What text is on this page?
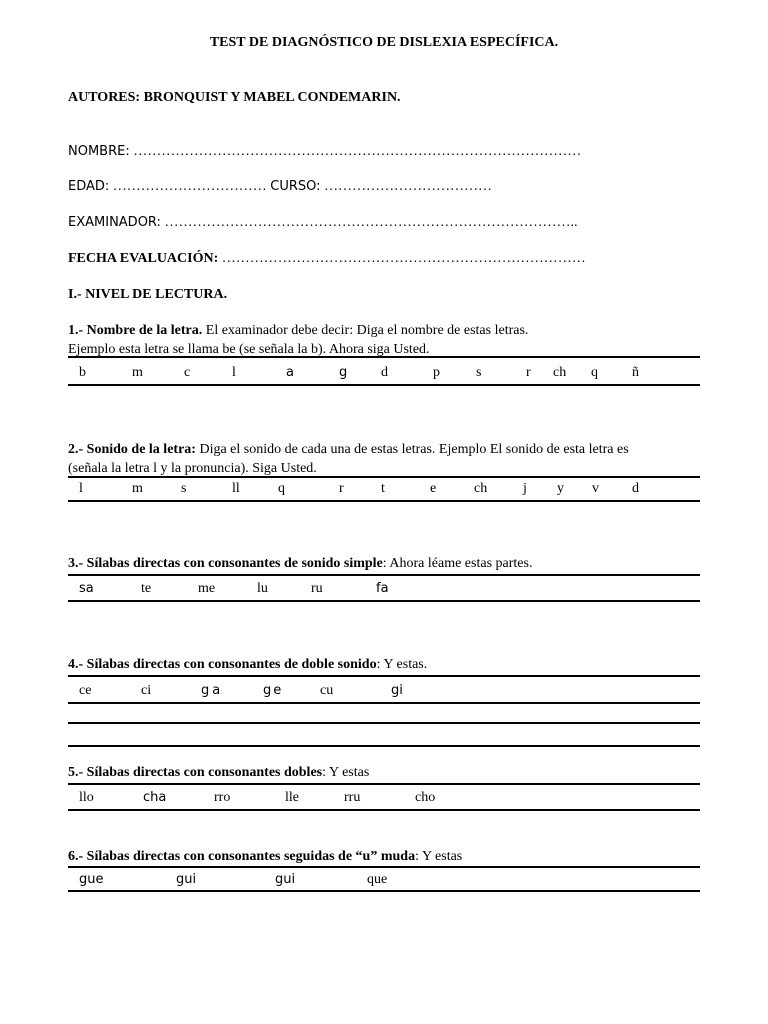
TEST DE DIAGNÓSTICO DE DISLEXIA ESPECÍFICA.
AUTORES: BRONQUIST Y MABEL CONDEMARIN.
NOMBRE: ……………………………………………………………………………………
EDAD: …………………………… CURSO: ………………………………
EXAMINADOR: ……………………………………………………………………………..
FECHA EVALUACIÓN: ……………………………………………………………………
I.- NIVEL DE LECTURA.
1.- Nombre de la letra. El examinador debe decir: Diga el nombre de estas letras.
Ejemplo esta letra se llama be (se señala la b). Ahora siga Usted.
b	m	c	l	a	g d	p	s	r ch q ñ
2.- Sonido de la letra: Diga el sonido de cada una de estas letras. Ejemplo El sonido de esta letra es
(señala la letra l y la pronuncia). Siga Usted.
l	m	s	ll	q	r	t	e	ch	j y v d
3.- Sílabas directas con consonantes de sonido simple: Ahora léame estas partes.
sa	te	me	lu	ru	fa
4.- Sílabas directas con consonantes de doble sonido: Y estas.
ce	ci	ga	ge	cu	gi
5.- Sílabas directas con consonantes dobles: Y estas
llo	cha	rro	lle	rru	cho
6.- Sílabas directas con consonantes seguidas de “u” muda: Y estas
gue	gui	gui	que
